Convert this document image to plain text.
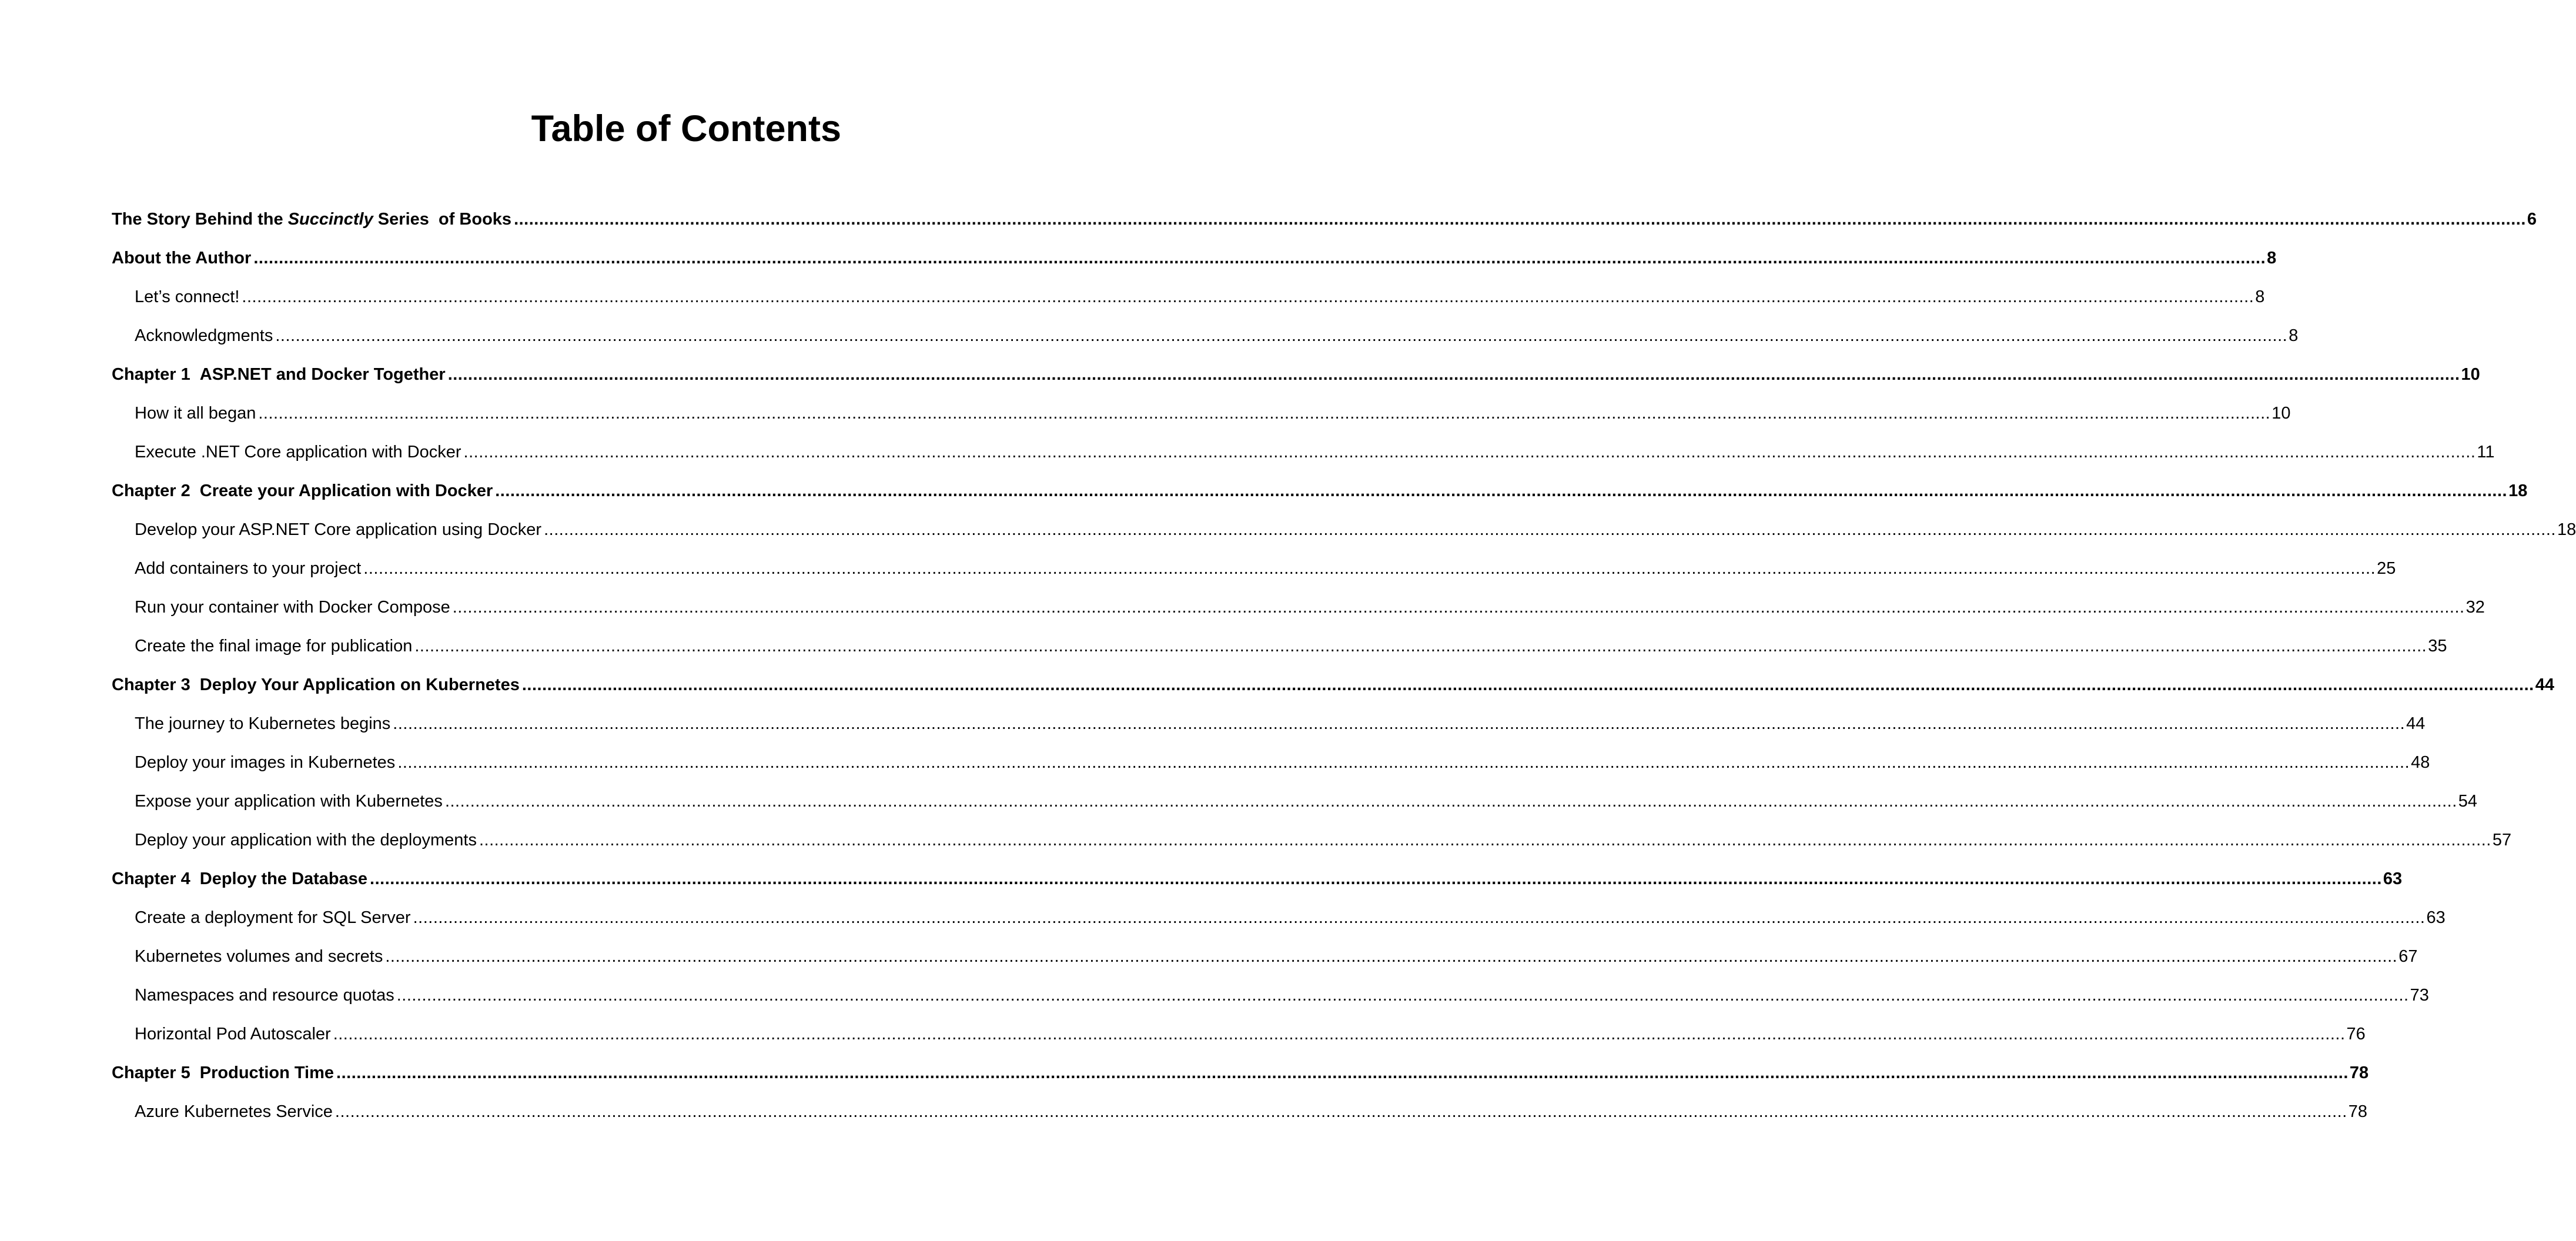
Table of Contents
The Story Behind the Succinctly Series  of Books ................................................................................................................................................................................................................................................................................................................................................................................................................ 6
About the Author ................................................................................................................................................................................................................................................................................................................................................................................................................ 8
Let’s connect! ................................................................................................................................................................................................................................................................................................................................................................................................................ 8
Acknowledgments ................................................................................................................................................................................................................................................................................................................................................................................................................ 8
Chapter 1 ASP.NET and Docker Together ................................................................................................................................................................................................................................................................................................................................................................................................................ 10
How it all began ................................................................................................................................................................................................................................................................................................................................................................................................................ 10
Execute .NET Core application with Docker ................................................................................................................................................................................................................................................................................................................................................................................................................ 11
Chapter 2 Create your Application with Docker ................................................................................................................................................................................................................................................................................................................................................................................................................ 18
Develop your ASP.NET Core application using Docker ................................................................................................................................................................................................................................................................................................................................................................................................................ 18
Add containers to your project ................................................................................................................................................................................................................................................................................................................................................................................................................ 25
Run your container with Docker Compose ................................................................................................................................................................................................................................................................................................................................................................................................................ 32
Create the final image for publication ................................................................................................................................................................................................................................................................................................................................................................................................................ 35
Chapter 3 Deploy Your Application on Kubernetes ................................................................................................................................................................................................................................................................................................................................................................................................................ 44
The journey to Kubernetes begins ................................................................................................................................................................................................................................................................................................................................................................................................................ 44
Deploy your images in Kubernetes ................................................................................................................................................................................................................................................................................................................................................................................................................ 48
Expose your application with Kubernetes ................................................................................................................................................................................................................................................................................................................................................................................................................ 54
Deploy your application with the deployments ................................................................................................................................................................................................................................................................................................................................................................................................................ 57
Chapter 4 Deploy the Database ................................................................................................................................................................................................................................................................................................................................................................................................................ 63
Create a deployment for SQL Server ................................................................................................................................................................................................................................................................................................................................................................................................................ 63
Kubernetes volumes and secrets ................................................................................................................................................................................................................................................................................................................................................................................................................ 67
Namespaces and resource quotas ................................................................................................................................................................................................................................................................................................................................................................................................................ 73
Horizontal Pod Autoscaler ................................................................................................................................................................................................................................................................................................................................................................................................................ 76
Chapter 5 Production Time ................................................................................................................................................................................................................................................................................................................................................................................................................ 78
Azure Kubernetes Service ................................................................................................................................................................................................................................................................................................................................................................................................................ 78
